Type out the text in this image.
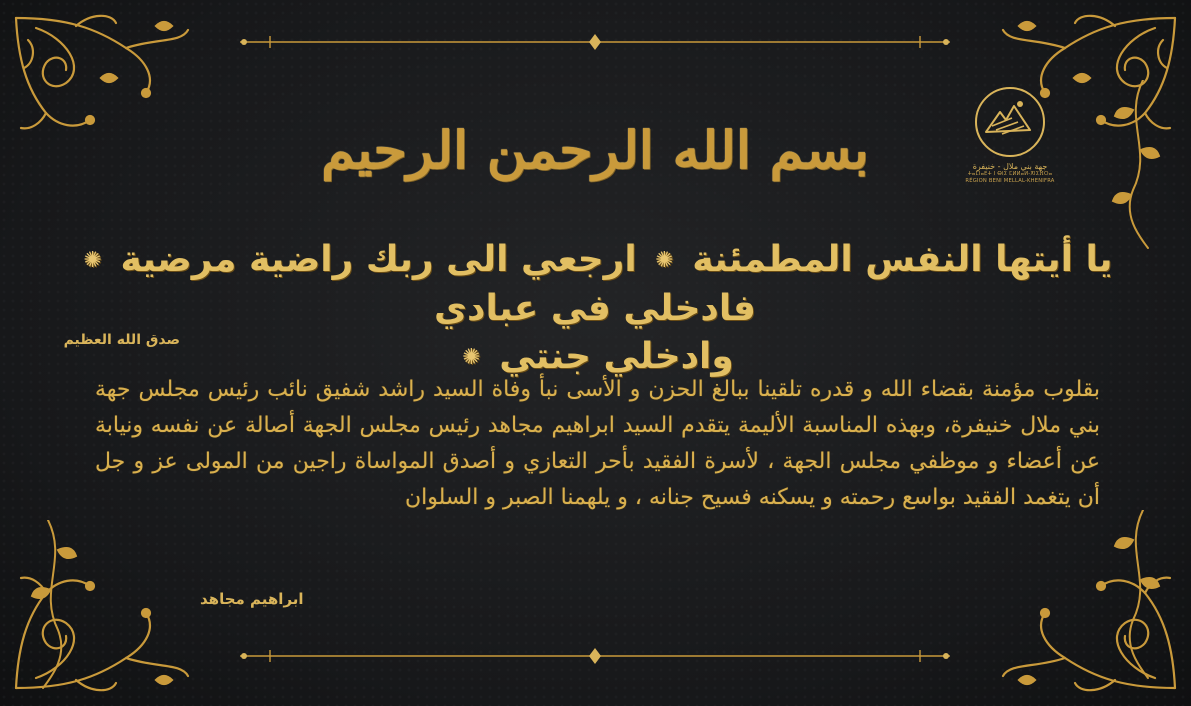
بسم الله الرحمن الرحيم	جهة بني ملال - خنيفرة
ⵜⴰⵎⵏⴰⴹⵜ ⵏ ⴱⵏⵉ ⵎⵍⵍⴰⵍ-ⵅⵏⵉⴼⵔⴰ
RÉGION BENI MELLAL-KHENIFRA
يا أيتها النفس المطمئنة ✺ ارجعي الى ربك راضية مرضية ✺ فادخلي في عبادي
وادخلي جنتي ✺
صدق الله العظيم
بقلوب مؤمنة بقضاء الله و قدره تلقينا ببالغ الحزن و الأسى نبأ وفاة السيد راشد شفيق نائب رئيس مجلس جهة بني ملال خنيفرة، وبهذه المناسبة الأليمة يتقدم السيد ابراهيم مجاهد رئيس مجلس الجهة أصالة عن نفسه ونيابة عن أعضاء و موظفي مجلس الجهة ، لأسرة الفقيد بأحر التعازي و أصدق المواساة راجين من المولى عز و جل أن يتغمد الفقيد بواسع رحمته و يسكنه فسيح جنانه ، و يلهمنا الصبر و السلوان
ابراهيم مجاهد
